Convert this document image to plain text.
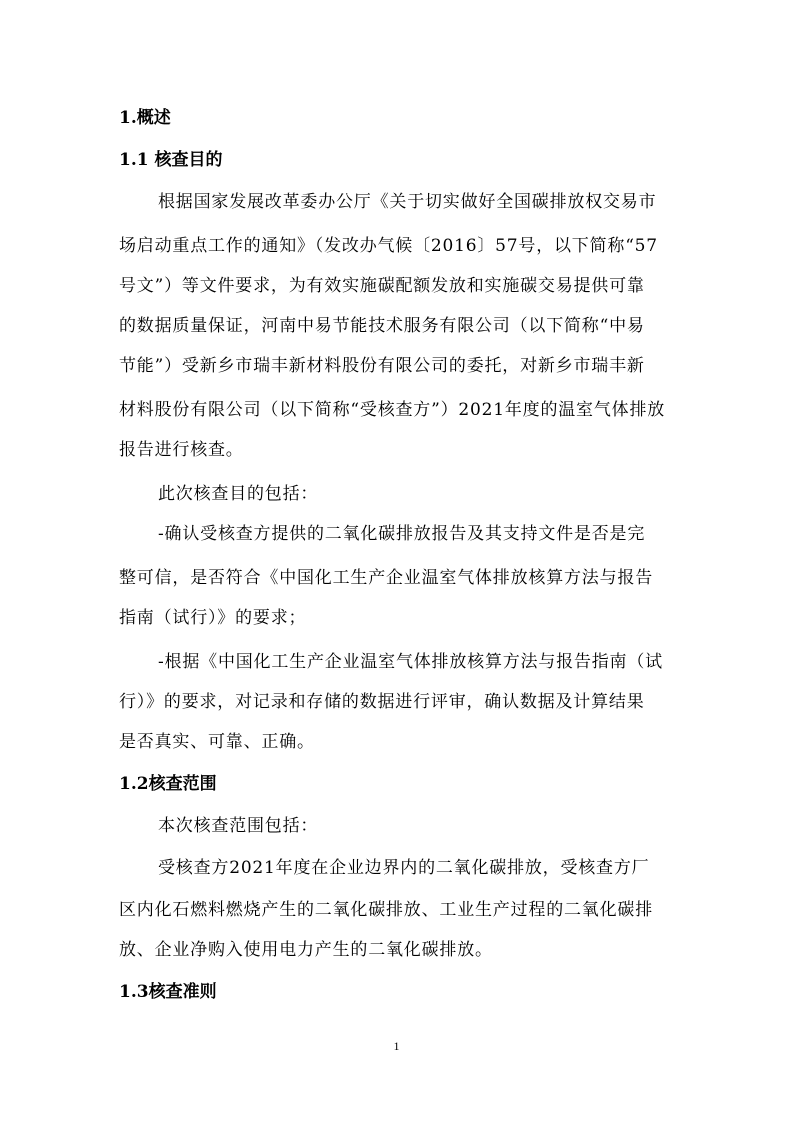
1.概述
1.1 核查目的
根据国家发展改革委办公厅《关于切实做好全国碳排放权交易市
场启动重点工作的通知》（发改办气候〔2016〕57号，以下简称“57
号文”）等文件要求，为有效实施碳配额发放和实施碳交易提供可靠
的数据质量保证，河南中易节能技术服务有限公司（以下简称“中易
节能”）受新乡市瑞丰新材料股份有限公司的委托，对新乡市瑞丰新
材料股份有限公司（以下简称“受核查方”）2021年度的温室气体排放
报告进行核查。
此次核查目的包括：
-确认受核查方提供的二氧化碳排放报告及其支持文件是否是完
整可信，是否符合《中国化工生产企业温室气体排放核算方法与报告
指南（试行）》的要求；
-根据《中国化工生产企业温室气体排放核算方法与报告指南（试
行）》的要求，对记录和存储的数据进行评审，确认数据及计算结果
是否真实、可靠、正确。
1.2核查范围
本次核查范围包括：
受核查方2021年度在企业边界内的二氧化碳排放，受核查方厂
区内化石燃料燃烧产生的二氧化碳排放、工业生产过程的二氧化碳排
放、企业净购入使用电力产生的二氧化碳排放。
1.3核查准则
1
